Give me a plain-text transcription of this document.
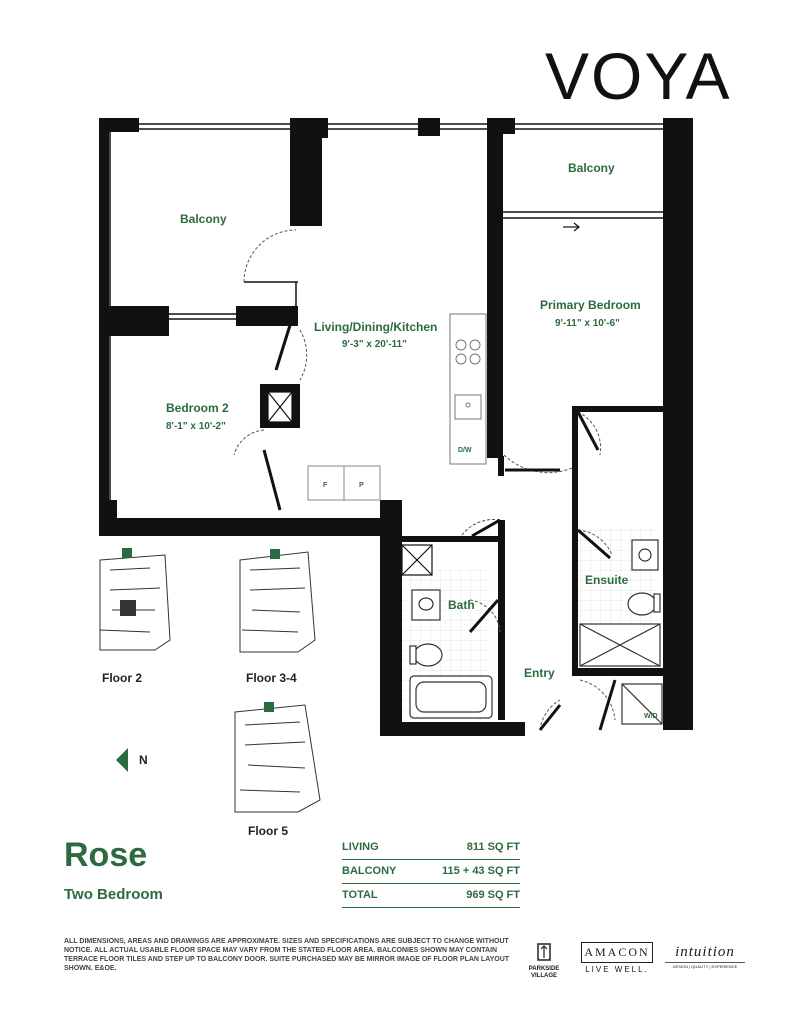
VOYA
F	P
D/W
W/D
Balcony
Balcony
Living/Dining/Kitchen
9'-3" x 20'-11"
Bedroom 2
8'-1" x 10'-2"
Primary Bedroom
9'-11" x 10'-6"
Ensuite
Bath
Entry
Floor 2	Floor 3-4
Floor 5
N
Rose
Two Bedroom
LIVING	811 SQ FT
BALCONY	115 + 43 SQ FT
TOTAL	969 SQ FT
ALL DIMENSIONS, AREAS AND DRAWINGS ARE APPROXIMATE. SIZES AND SPECIFICATIONS ARE SUBJECT TO CHANGE WITHOUT NOTICE. ALL ACTUAL USABLE FLOOR SPACE MAY VARY FROM THE STATED FLOOR AREA. BALCONIES SHOWN MAY CONTAIN TERRACE FLOOR TILES AND STEP UP TO BALCONY DOOR. SUITE PURCHASED MAY BE MIRROR IMAGE OF FLOOR PLAN LAYOUT SHOWN. E&OE.	PARKSIDE VILLAGE
AMACON
LIVE WELL.
intuition
DESIGN | QUALITY | EXPERIENCE
